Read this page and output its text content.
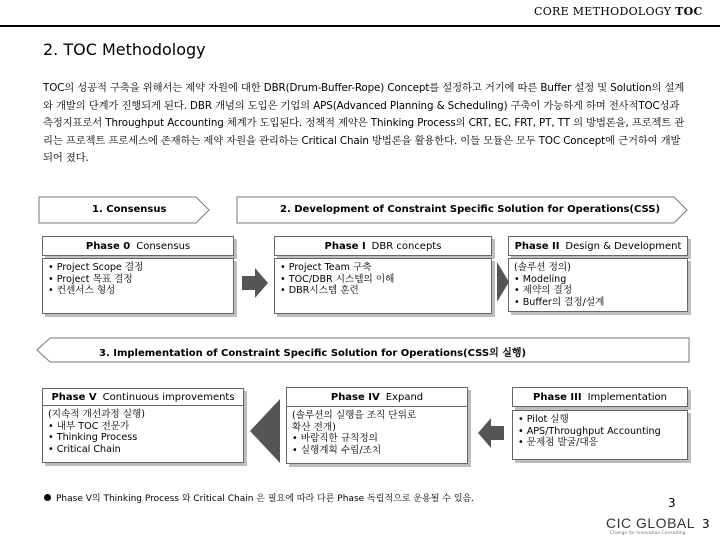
CORE METHODOLOGY TOC
2. TOC Methodology
TOC의 성공적 구축을 위해서는 제약 자원에 대한 DBR(Drum-Buffer-Rope) Concept를 설정하고 거기에 따른 Buffer 설정 및 Solution의 설계와 개발의 단계가 진행되게 된다. DBR 개념의 도입은 기업의 APS(Advanced Planning & Scheduling) 구축이 가능하게 하며 전사적TOC성과 측정지표로서 Throughput Accounting 체계가 도입된다. 정책적 제약은 Thinking Process의 CRT, EC, FRT, PT, TT 의 방법론을, 프로젝트 관리는 프로젝트 프로세스에 존재하는 제약 자원을 관리하는 Critical Chain 방법론을 활용한다. 이들 모듈은 모두 TOC Concept에 근거하여 개발되어 졌다.
1. Consensus	2. Development of Constraint Specific Solution for Operations(CSS)
Phase 0 Consensus
• Project Scope 결정
• Project 목표 결정
• 컨센서스 형성
Phase I DBR concepts
• Project Team 구축
• TOC/DBR 시스템의 이해
• DBR시스템 훈련
Phase II Design & Development
(솔루션 정의)
• Modeling
• 제약의 결정
• Buffer의 결정/설계
3. Implementation of Constraint Specific Solution for Operations(CSS의 실행)
Phase V Continuous improvements
(지속적 개선과정 실행)
• 내부 TOC 전문가
• Thinking Process
• Critical Chain
Phase IV Expand
(솔루션의 실행을 조직 단위로
확산 전개)
• 바람직한 규칙정의
• 실행계획 수립/조치
Phase III Implementation
• Pilot 실행
• APS/Throughput Accounting
• 문제점 발굴/대응
Phase V의 Thinking Process 와 Critical Chain 은 필요에 따라 다른 Phase 독립적으로 운용될 수 있음.	3
CIC GLOBAL
Change for Innovation Consulting
3
